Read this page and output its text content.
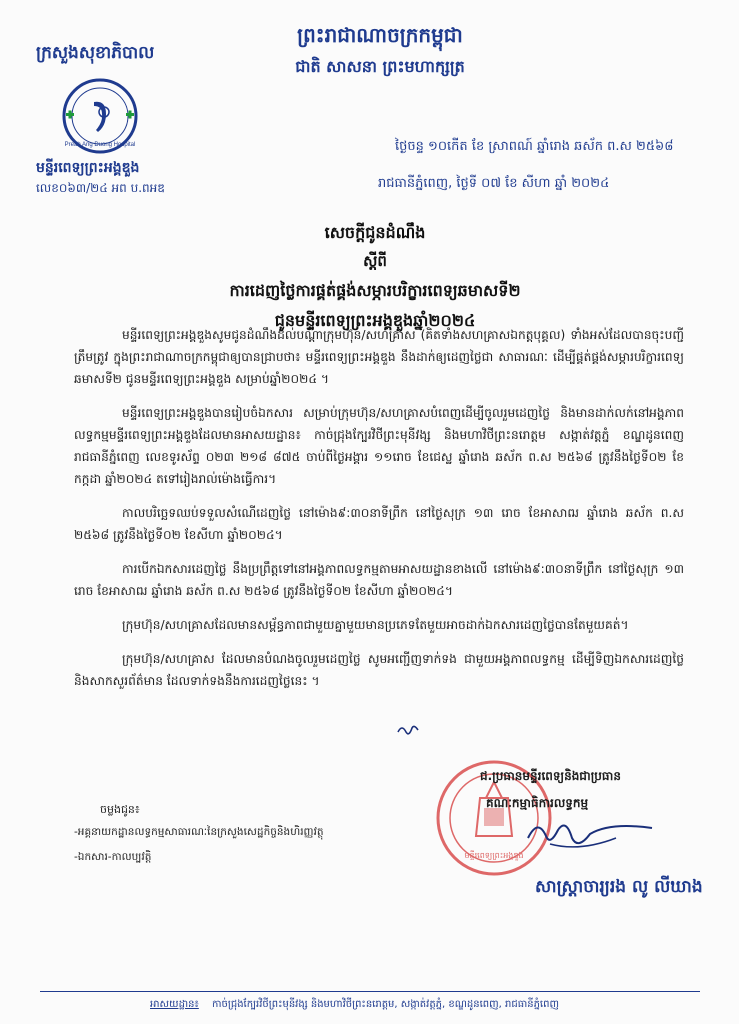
ព្រះរាជាណាចក្រកម្ពុជា
ជាតិ សាសនា ព្រះមហាក្សត្រ
ក្រសួងសុខាភិបាល
Preah Ang Duong Hospital
មន្ទីរពេទ្យព្រះអង្គឌួង
លេខ០៦៣/២៤ អព ប.ពអឌ
ថ្ងៃចន្ទ ១០កើត ខែ ស្រាពណ៍ ឆ្នាំរោង ឆស័ក ព.ស ២៥៦៨
រាជធានីភ្នំពេញ, ថ្ងៃទី ០៧ ខែ សីហា ឆ្នាំ ២០២៤
សេចក្តីជូនដំណឹង
ស្តីពី
ការដេញថ្លៃការផ្គត់ផ្គង់សម្ភារបរិក្ខារពេទ្យឆមាសទី២
ជូនមន្ទីរពេទ្យព្រះអង្គឌួងឆ្នាំ២០២៤

មន្ទីរពេទ្យព្រះអង្គឌួងសូមជូនដំណឹងដល់បណ្តាក្រុមហ៊ុន/សហគ្រាស (គិតទាំងសហគ្រាសឯកត្តបុគ្គល) ទាំងអស់ដែលបានចុះបញ្ជីត្រឹមត្រូវ ក្នុងព្រះរាជាណាចក្រកម្ពុជាឲ្យបានជ្រាបថា៖ មន្ទីរពេទ្យព្រះអង្គឌួង នឹងដាក់ឲ្យដេញថ្លៃជា សាធារណៈ ដើម្បីផ្គត់ផ្គង់សម្ភារបរិក្ខារពេទ្យឆមាសទី២ ជូនមន្ទីរពេទ្យព្រះអង្គឌួង សម្រាប់ឆ្នាំ២០២៤ ។

មន្ទីរពេទ្យព្រះអង្គឌួងបានរៀបចំឯកសារ សម្រាប់ក្រុមហ៊ុន/សហគ្រាសបំពេញដើម្បីចូលរួមដេញថ្លៃ និងមានដាក់លក់នៅអង្គភាពលទ្ធកម្មមន្ទីរពេទ្យព្រះអង្គឌួងដែលមានអាសយដ្ឋាន៖ កាច់ជ្រុងក្បែរវិថីព្រះមុនីវង្ស និងមហាវិថីព្រះនរោត្តម សង្កាត់វត្តភ្នំ ខណ្ឌដូនពេញ រាជធានីភ្នំពេញ លេខទូរស័ព្ទ ០២៣ ២១៨ ៨៧៥ ចាប់ពីថ្ងៃអង្គារ ១១រោច ខែជេស្ឋ ឆ្នាំរោង ឆស័ក ព.ស ២៥៦៨ ត្រូវនឹងថ្ងៃទី០២ ខែ កក្កដា ឆ្នាំ២០២៤ តទៅរៀងរាល់ម៉ោងធ្វើការ។

កាលបរិច្ឆេទឈប់ទទួលសំណើដេញថ្លៃ នៅម៉ោង៩:៣០នាទីព្រឹក នៅថ្ងៃសុក្រ ១៣ រោច ខែអាសាឍ ឆ្នាំរោង ឆស័ក ព.ស ២៥៦៨ ត្រូវនឹងថ្ងៃទី០២ ខែសីហា ឆ្នាំ២០២៤។

ការបើកឯកសារដេញថ្លៃ នឹងប្រព្រឹត្តទៅនៅអង្គភាពលទ្ធកម្មតាមអាសយដ្ឋានខាងលើ នៅម៉ោង៩:៣០នាទីព្រឹក នៅថ្ងៃសុក្រ ១៣ រោច ខែអាសាឍ ឆ្នាំរោង ឆស័ក ព.ស ២៥៦៨ ត្រូវនឹងថ្ងៃទី០២ ខែសីហា ឆ្នាំ២០២៤។

ក្រុមហ៊ុន/សហគ្រាសដែលមានសម្ព័ន្ធភាពជាមួយគ្នាមួយមានប្រភេទតែមួយអាចដាក់ឯកសារដេញថ្លៃបានតែមួយគត់។

ក្រុមហ៊ុន/សហគ្រាស ដែលមានបំណងចូលរួមដេញថ្លៃ សូមអញ្ជើញទាក់ទង ជាមួយអង្គភាពលទ្ធកម្ម ដើម្បីទិញឯកសារដេញថ្លៃ និងសាកសួរព័ត៌មាន ដែលទាក់ទងនឹងការដេញថ្លៃនេះ ។

មន្ទីរពេទ្យព្រះអង្គឌួង
ជ.ប្រធាន​មន្ទីរពេទ្យនិងជាប្រធាន
គណៈកម្មាធិការលទ្ធកម្ម
សាស្ត្រាចារ្យរង លូ លីឃាង
ចម្លងជូន៖
-អគ្គនាយកដ្ឋានលទ្ធកម្មសាធារណៈនៃក្រសួងសេដ្ឋកិច្ចនិងហិរញ្ញវត្ថុ
-ឯកសារ-កាលប្បវត្តិ
អាសយដ្ឋាន៖ កាច់ជ្រុងក្បែរវិថីព្រះមុនីវង្ស និងមហាវិថីព្រះនរោត្តម, សង្កាត់វត្តភ្នំ, ខណ្ឌដូនពេញ, រាជធានីភ្នំពេញ
